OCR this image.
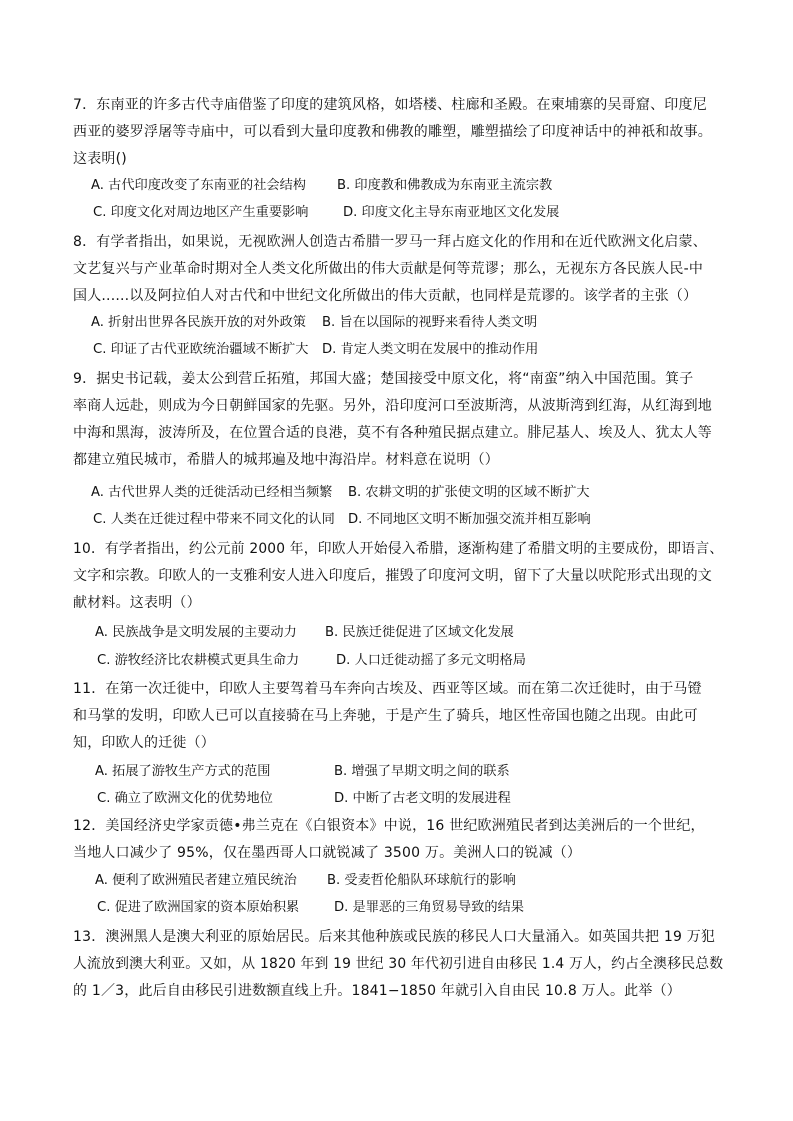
7．东南亚的许多古代寺庙借鉴了印度的建筑风格，如塔楼、柱廊和圣殿。在柬埔寨的吴哥窟、印度尼
西亚的婆罗浮屠等寺庙中，可以看到大量印度教和佛教的雕塑，雕塑描绘了印度神话中的神祇和故事。
这表明()
A. 古代印度改变了东南亚的社会结构 B. 印度教和佛教成为东南亚主流宗教
C. 印度文化对周边地区产生重要影响	D. 印度文化主导东南亚地区文化发展
8．有学者指出，如果说，无视欧洲人创造古希腊一罗马一拜占庭文化的作用和在近代欧洲文化启蒙、
文艺复兴与产业革命时期对全人类文化所做出的伟大贡献是何等荒谬；那么，无视东方各民族人民-中
国人......以及阿拉伯人对古代和中世纪文化所做出的伟大贡献，也同样是荒谬的。该学者的主张（）
A. 折射出世界各民族开放的对外政策 B. 旨在以国际的视野来看待人类文明
C. 印证了古代亚欧统治疆域不断扩大 D. 肯定人类文明在发展中的推动作用
9．据史书记载，姜太公到营丘拓殖，邦国大盛；楚国接受中原文化，将“南蛮”纳入中国范围。箕子
率商人远赴，则成为今日朝鲜国家的先驱。另外，沿印度河口至波斯湾，从波斯湾到红海，从红海到地
中海和黑海，波涛所及，在位置合适的良港，莫不有各种殖民据点建立。腓尼基人、埃及人、犹太人等
都建立殖民城市，希腊人的城邦遍及地中海沿岸。材料意在说明（）
A. 古代世界人类的迁徙活动已经相当频繁 B. 农耕文明的扩张使文明的区域不断扩大
C. 人类在迁徙过程中带来不同文化的认同 D. 不同地区文明不断加强交流并相互影响
10．有学者指出，约公元前 2000 年，印欧人开始侵入希腊，逐渐构建了希腊文明的主要成份，即语言、
文字和宗教。印欧人的一支雅利安人进入印度后，摧毁了印度河文明，留下了大量以吠陀形式出现的文
献材料。这表明（）
A. 民族战争是文明发展的主要动力 B. 民族迁徙促进了区域文化发展
C. 游牧经济比农耕模式更具生命力	D. 人口迁徙动摇了多元文明格局
11．在第一次迁徙中，印欧人主要驾着马车奔向古埃及、西亚等区域。而在第二次迁徙时，由于马镫
和马掌的发明，印欧人已可以直接骑在马上奔驰，于是产生了骑兵，地区性帝国也随之出现。由此可
知，印欧人的迁徙（）
A. 拓展了游牧生产方式的范围	B. 增强了早期文明之间的联系
C. 确立了欧洲文化的优势地位	D. 中断了古老文明的发展进程
12．美国经济史学家贡德•弗兰克在《白银资本》中说，16 世纪欧洲殖民者到达美洲后的一个世纪，
当地人口减少了 95%，仅在墨西哥人口就锐减了 3500 万。美洲人口的锐减（）
A. 便利了欧洲殖民者建立殖民统治 B. 受麦哲伦船队环球航行的影响
C. 促进了欧洲国家的资本原始积累	D. 是罪恶的三角贸易导致的结果
13．澳洲黑人是澳大利亚的原始居民。后来其他种族或民族的移民人口大量涌入。如英国共把 19 万犯
人流放到澳大利亚。又如，从 1820 年到 19 世纪 30 年代初引进自由移民 1.4 万人，约占全澳移民总数
的 1／3，此后自由移民引进数额直线上升。1841−1850 年就引入自由民 10.8 万人。此举（）
